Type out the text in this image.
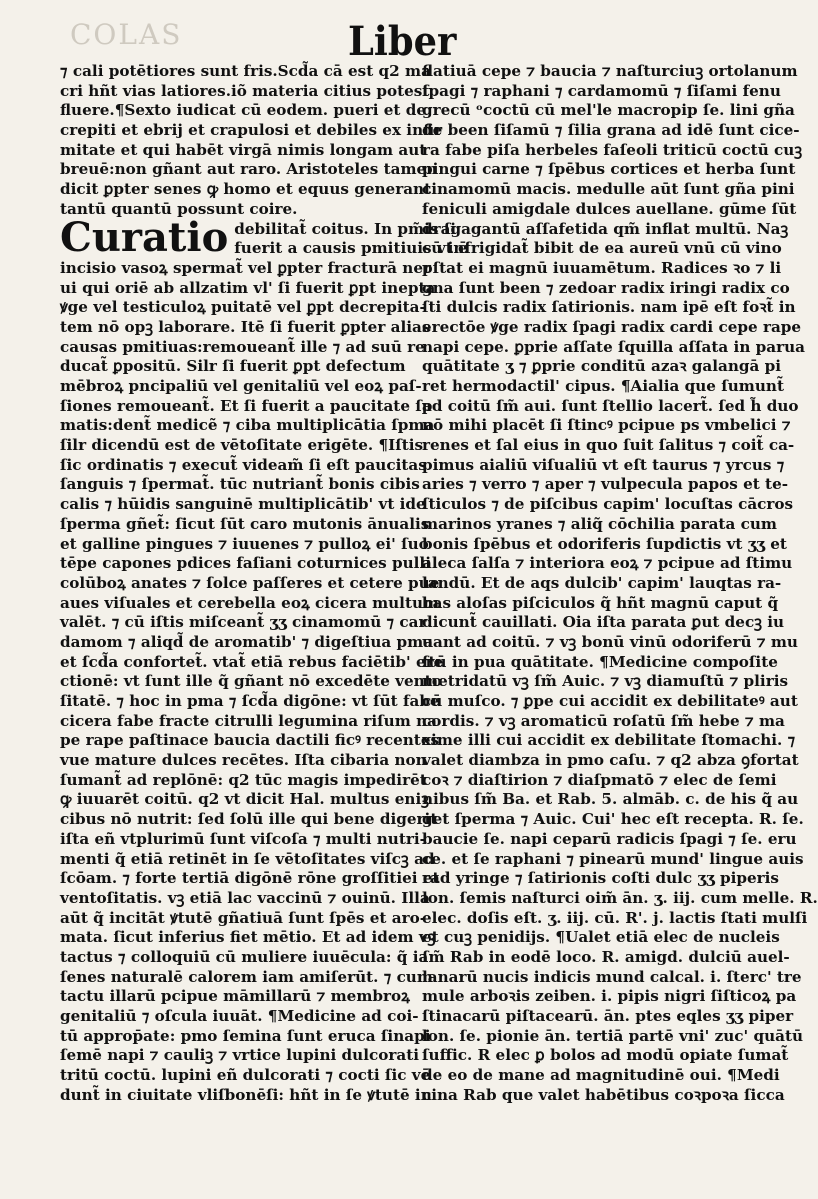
COLAS	Liber
⁊ cali potētiores sunt fris.Scd̃a cā est q2 ma
cri hñt vias latiores.iõ materia citius potest
fluere.¶Sexto iudicat cū eodem. pueri et de
crepiti et ebrij et crapulosi et debiles ex infir
mitate et qui habēt virgā nimis longam aut
breuē:non gñant aut raro. Aristoteles tamen
dicit ꝑpter senes ꝙ homo et equus generant
tantū quantū possunt coire.
Curatio debilitat̃ coitus. In pm̃is ſi
fuerit a causis pmitiuis vt ē
incisio vasoꝝ spermat̃ vel ꝑpter fracturā ner
ui qui oriē ab allzatim vl' ſi fuerit ꝑpt inepta
ꝟge vel testiculoꝝ puitatē vel ꝑpt decrepita-
tem nō opꝫ laborare. Itē ſi fuerit ꝑpter alias
causas pmitiuas:remoueant̃ ille ⁊ ad suū re
ducat̃ ꝑpositū. Silr ſi fuerit ꝑpt defectum
mēbroꝝ pncipaliū vel genitaliū vel eoꝝ paſ-
ſiones remoueant̃. Et ſi fuerit a paucitate ſp
matis:dent̃ medicẽ ⁊ ciba multiplicātia ſpma
ſilr dicendū est de vētoſitate erigēte. ¶Iſtis
ſic ordinatis ⁊ execut̃ videam̃ ſi eſt paucitas
ſanguis ⁊ ſpermat̃. tūc nutriant̃ bonis cibis
calis ⁊ hūidis sanguinē multiplicātib' vt ide
ſperma gñet̃: ſicut ſūt caro mutonis ānualis
et galline pingues ⁊ iuuenes ⁊ pulloꝝ ei' ſuo
tēpe capones pdices faſiani coturnices pulli
colūboꝝ anates ⁊ ſolce paſſeres et cetere pue
aues viſuales et cerebella eoꝝ cicera multum
valēt. ⁊ cū iſtis miſceant̃ ʒʒ cinamomū ⁊ car
damom ⁊ aliqd̃ de aromatib' ⁊ digeſtiua pma
et ſcd̃a confortet̃. vtat̃ etiā rebus faciētib' ere
ctionē: vt ſunt ille q̃ gñant nō excedēte vento
ſitatē. ⁊ hoc in pma ⁊ ſcd̃a digōne: vt ſūt fabe
cicera fabe fracte citrulli legumina riſum na
pe rape paſtinace baucia dactili ficꝰ recentes
vue mature dulces recētes. Iſta cibaria non
ſumant̃ ad replōnē: q2 tūc magis impedirēt
ꝙ iuuarēt coitū. q2 vt dicit Hal. multus eniꝫ
cibus nō nutrit: ſed ſolū ille qui bene digerit
iſta eñ vtplurimū ſunt viſcoſa ⁊ multi nutri-
menti q̃ etiā retinēt in ſe vētoſitates viſcꝫ ad
ſcōam. ⁊ forte tertiā digōnē rōne groſſitiei et
ventoſitatis. vꝫ etiā lac vaccinū ⁊ ouinū. Illa
aūt q̃ incitāt ꝟtutē gñatiuā ſunt ſpēs et aro-
mata. ſicut inferius fiet mētio. Et ad idem vꝫ
tactus ⁊ colloquiū cū muliere iuuēcula: q̃ ia
ſenes naturalē calorem iam amiſerūt. ⁊ cum
tactu illarū pcipue māmillarū ⁊ membroꝝ
genitaliū ⁊ oſcula iuuāt. ¶Medicine ad coi-
tū approp̄ate: pmo ſemina ſunt eruca ſinapi
ſemē napi ⁊ cauliꝫ ⁊ vrtice lupini dulcorati
tritū coctū. lupini eñ dulcorati ⁊ cocti ſic vē
dunt̃ in ciuitate vliſbonēſi: hñt in ſe ꝟtutē in
flatiuā cepe ⁊ baucia ⁊ naſturciuꝫ ortolanum
ſpagi ⁊ raphani ⁊ cardamomū ⁊ ſiſami fenu
grecū ᵒcoctū cū mel'le macropip ſe. lini gña
de been ſiſamū ⁊ ſilia grana ad idē ſunt cice-
ra fabe piſa herbeles faſeoli triticū coctū cuꝫ
pingui carne ⁊ ſpēbus cortices et herba ſunt
cinamomū macis. medulle aūt ſunt gña pini
feniculi amigdale dulces auellane. gūme ſūt
dragagantū aſſafetida qm̃ inflat multū. Naꝫ
cū infrigidat̃ bibit de ea aureū vnū cū vino
pſtat ei magnū iuuamētum. Radices ꝛo ⁊ li
gna ſunt been ⁊ zedoar radix iringi radix co
ſti dulcis radix ſatirionis. nam ipē eſt foꝛt̃ in
erectōe ꝟge radix ſpagi radix cardi cepe rape
napi cepe. ꝑprie aſſate ſquilla aſſata in parua
quātitate ʒ ⁊ ꝑprie conditū azaꝛ galangā pi
ret hermodactil' cipus. ¶Aialia que ſumunt̃
ad coitū ſm̃ aui. ſunt ſtellio lacert̃. ſed h̃ duo
nō mihi placēt ſi ſtincꝰ pcipue ps vmbelici ⁊
renes et ſal eius in quo ſuit ſalitus ⁊ coit̃ ca-
pimus aialiū viſualiū vt eſt taurus ⁊ yrcus ⁊
aries ⁊ verro ⁊ aper ⁊ vulpecula papos et te-
ſticulos ⁊ de piſcibus capim' locuſtas cācros
marinos yranes ⁊ aliq̃ cōchilia parata cum
bonis ſpēbus et odoriferis ſupdictis vt ʒʒ et
aleca ſalſa ⁊ interiora eoꝝ ⁊ pcipue ad ſtimu
landū. Et de aqs dulcib' capim' lauqtas ra-
bas aloſas piſciculos q̃ hñt magnū caput q̃
dicunt̃ cauillati. Oia iſta parata ꝑut decꝫ iu
uant ad coitū. ⁊ vꝫ bonū vinū odoriferū ⁊ mu
ſtū in pua quātitate. ¶Medicine compoſite
metridatū vꝫ ſm̃ Auic. ⁊ vꝫ diamuſtū ⁊ pliris
cū muſco. ⁊ ꝑpe cui accidit ex debilitateꝰ aut
cordis. ⁊ vꝫ aromaticū roſatū ſm̃ hebe ⁊ ma
xime illi cui accidit ex debilitate ſtomachi. ⁊
valet diambza in pmo caſu. ⁊ q2 abza ꝯfortat
coꝛ ⁊ diaſtirion ⁊ diaſpmatō ⁊ elec de ſemi
nibus ſm̃ Ba. et Rab. 5. almāb. c. de his q̃ au
get ſperma ⁊ Auic. Cui' hec eſt recepta. R. ſe.
baucie ſe. napi ceparū radicis ſpagi ⁊ ſe. eru
ce. et ſe raphani ⁊ pinearū mund' lingue auis
rad yringe ⁊ ſatirionis coſti dulc ʒʒ piperis
lon. ſemis naſturci oim̃ ān. ʒ. iij. cum melle. R.
elec. doſis eſt. ʒ. iij. cū. R'. j. lactis ſtati mulſi
et cuꝫ penidijs. ¶Ualet etiā elec de nucleis
ſm̃ Rab in eodē loco. R. amigd. dulciū auel-
lanarū nucis indicis mund calcal. i. ſterc' tre
mule arboꝛis zeiben. i. pipis nigri ſiſticoꝝ pa
ſtinacarū piſtacearū. ān. ptes eqles ʒʒ piper
lon. ſe. pionie ān. tertiā partē vni' zuc' quātū
ſuffic. R elec ꝑ bolos ad modū opiate ſumat̃
de eo de mane ad magnitudinē oui. ¶Medi
cina Rab que valet habētibus coꝛpoꝛa ſicca
